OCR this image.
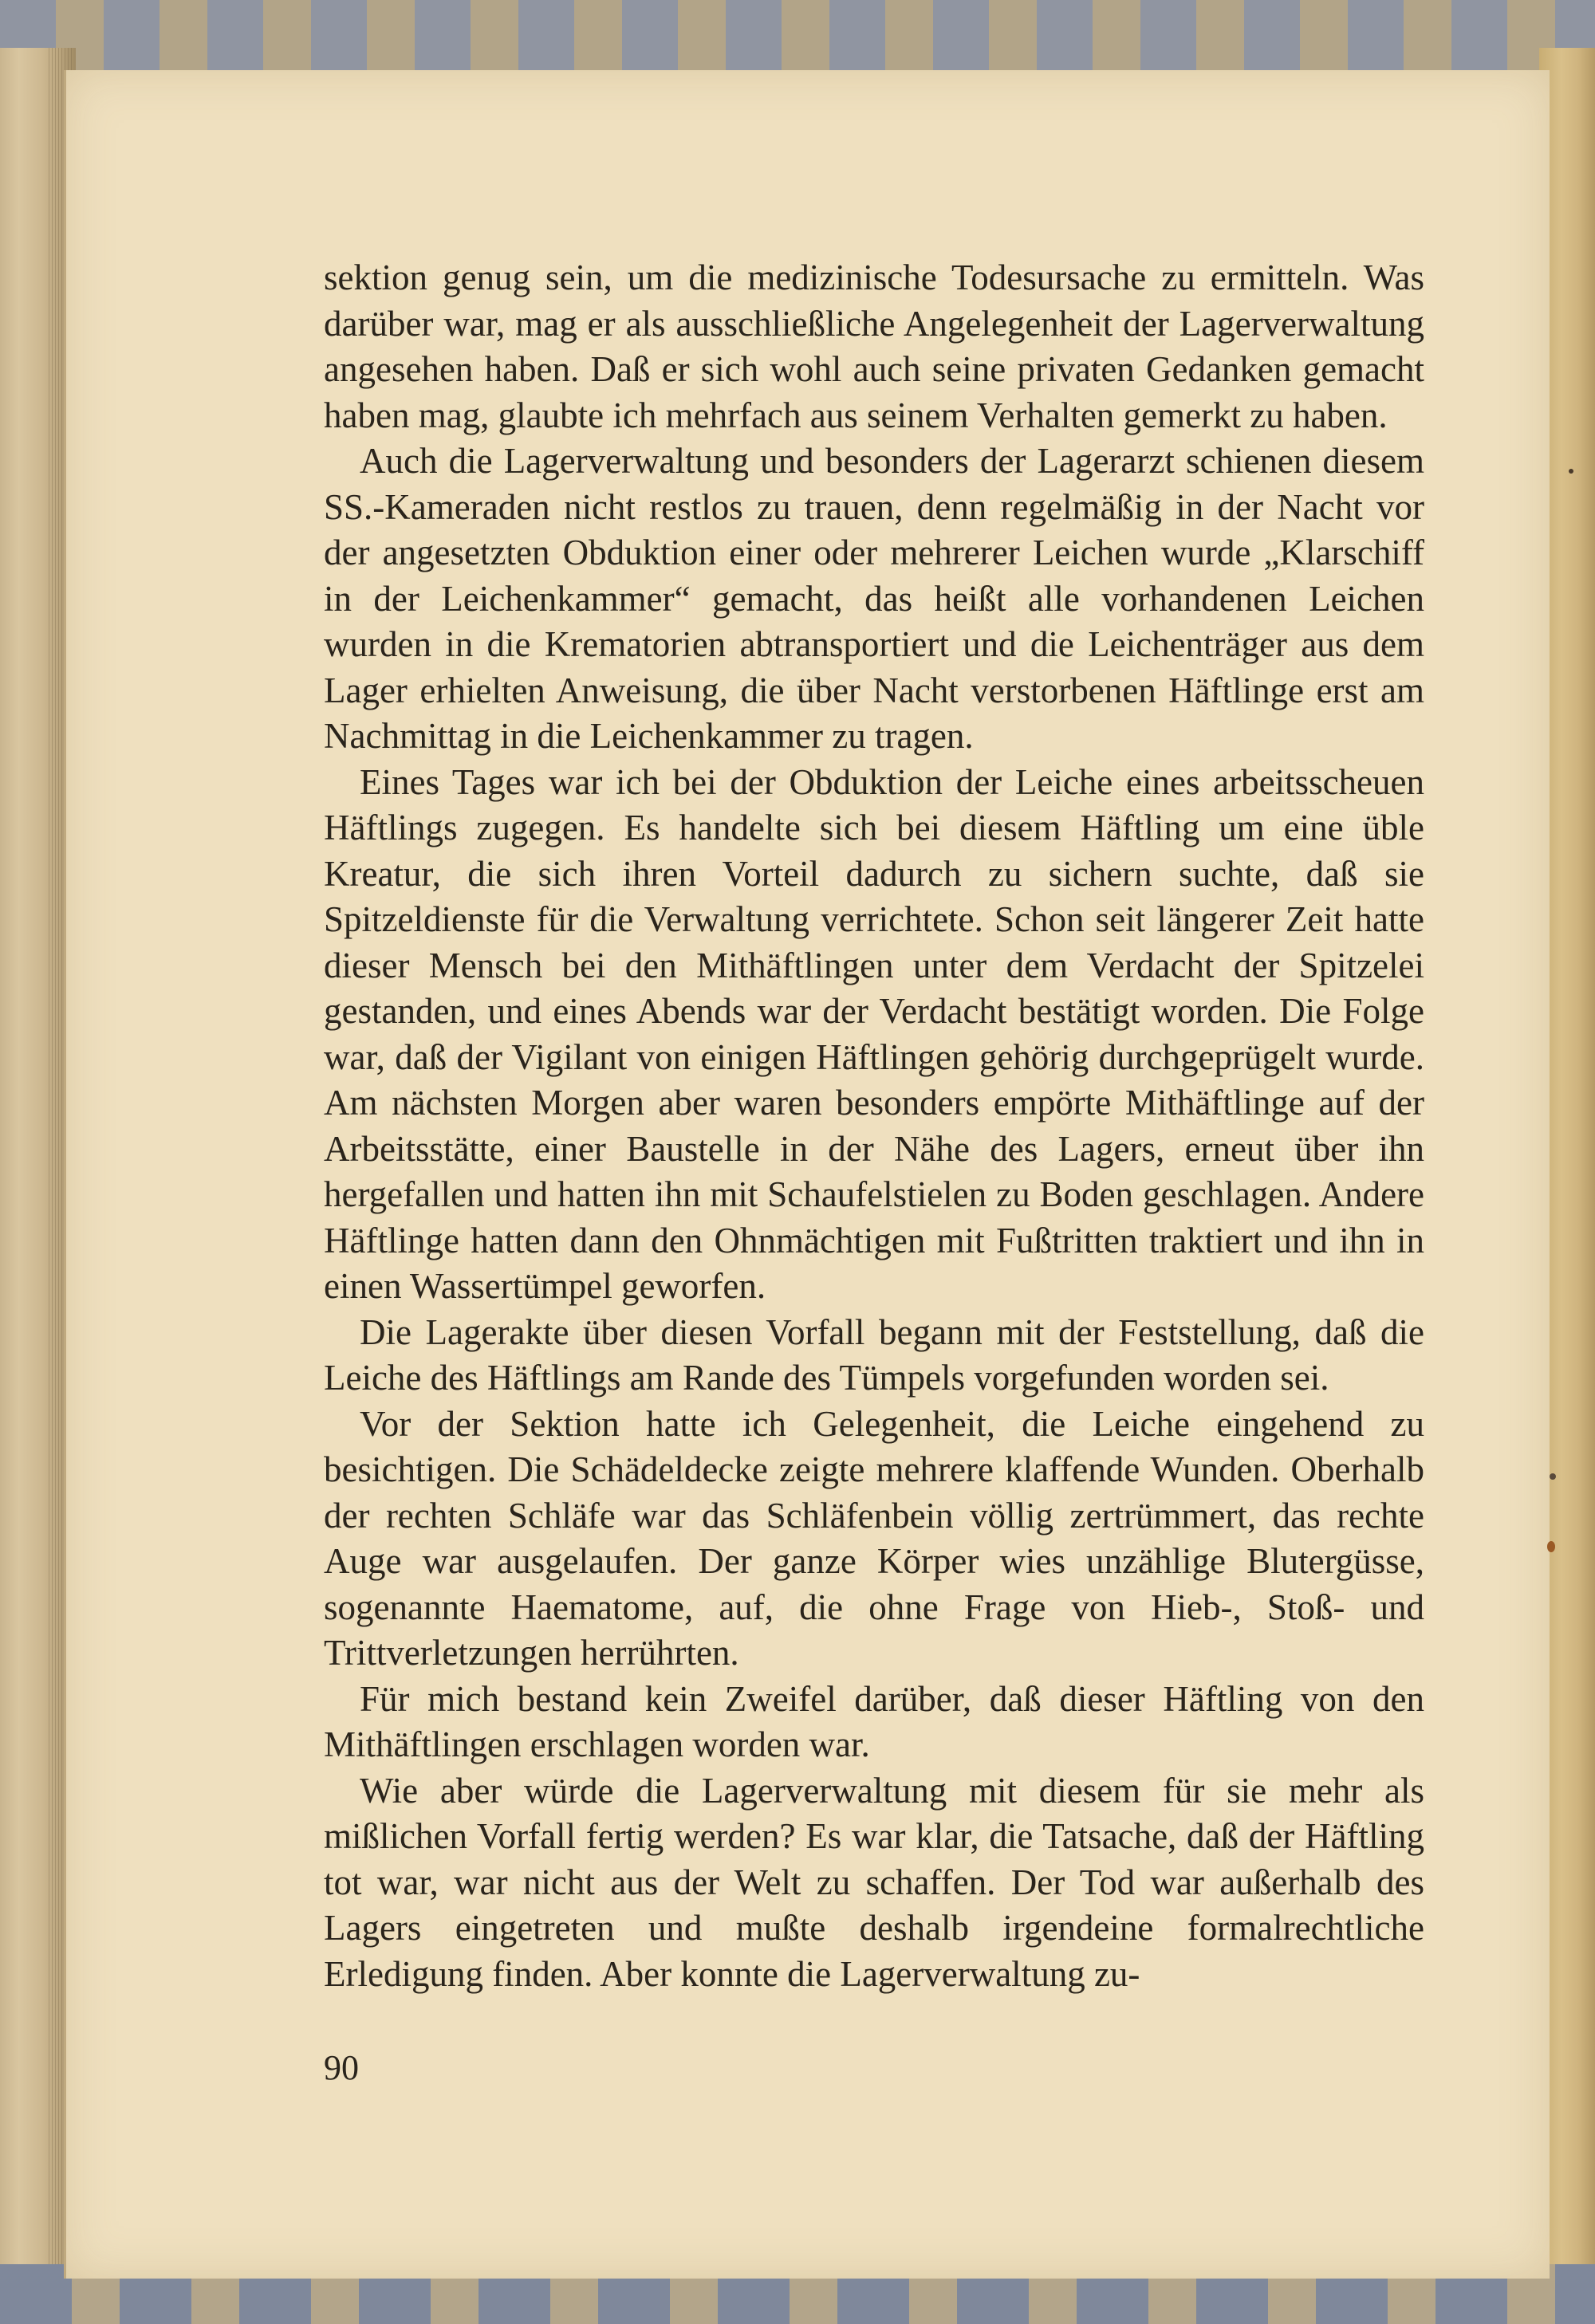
sektion genug sein, um die medizinische Todesursache zu ermitteln. Was darüber war, mag er als ausschließliche Angelegenheit der Lagerverwaltung angesehen haben. Daß er sich wohl auch seine privaten Gedanken gemacht haben mag, glaubte ich mehrfach aus seinem Verhalten gemerkt zu haben.

Auch die Lagerverwaltung und besonders der Lagerarzt schienen diesem SS.-Kameraden nicht restlos zu trauen, denn regelmäßig in der Nacht vor der angesetzten Obduktion einer oder mehrerer Leichen wurde „Klarschiff in der Leichenkammer“ gemacht, das heißt alle vorhandenen Leichen wurden in die Krematorien abtransportiert und die Leichenträger aus dem Lager erhielten Anweisung, die über Nacht verstorbenen Häftlinge erst am Nachmittag in die Leichenkammer zu tragen.

Eines Tages war ich bei der Obduktion der Leiche eines arbeitsscheuen Häftlings zugegen. Es handelte sich bei diesem Häftling um eine üble Kreatur, die sich ihren Vorteil dadurch zu sichern suchte, daß sie Spitzeldienste für die Verwaltung verrichtete. Schon seit längerer Zeit hatte dieser Mensch bei den Mithäftlingen unter dem Verdacht der Spitzelei gestanden, und eines Abends war der Verdacht bestätigt worden. Die Folge war, daß der Vigilant von einigen Häftlingen gehörig durchgeprügelt wurde. Am nächsten Morgen aber waren besonders empörte Mithäftlinge auf der Arbeitsstätte, einer Baustelle in der Nähe des Lagers, erneut über ihn hergefallen und hatten ihn mit Schaufelstielen zu Boden geschlagen. Andere Häftlinge hatten dann den Ohnmächtigen mit Fußtritten traktiert und ihn in einen Wassertümpel geworfen.

Die Lagerakte über diesen Vorfall begann mit der Feststellung, daß die Leiche des Häftlings am Rande des Tümpels vorgefunden worden sei.

Vor der Sektion hatte ich Gelegenheit, die Leiche eingehend zu besichtigen. Die Schädeldecke zeigte mehrere klaffende Wunden. Oberhalb der rechten Schläfe war das Schläfenbein völlig zertrümmert, das rechte Auge war ausgelaufen. Der ganze Körper wies unzählige Blutergüsse, sogenannte Haematome, auf, die ohne Frage von Hieb-, Stoß- und Trittverletzungen herrührten.

Für mich bestand kein Zweifel darüber, daß dieser Häftling von den Mithäftlingen erschlagen worden war.

Wie aber würde die Lagerverwaltung mit diesem für sie mehr als mißlichen Vorfall fertig werden? Es war klar, die Tatsache, daß der Häftling tot war, war nicht aus der Welt zu schaffen. Der Tod war außerhalb des Lagers eingetreten und mußte deshalb irgendeine formalrechtliche Erledigung finden. Aber konnte die Lagerverwaltung zu-

90
